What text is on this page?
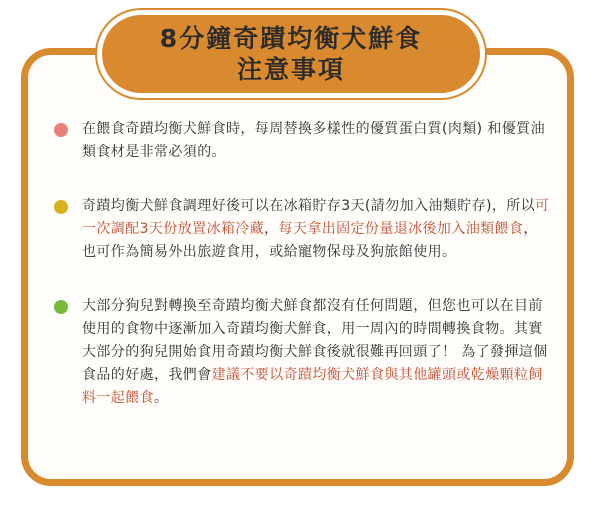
8分鐘奇蹟均衡犬鮮食
注意事項
在餵食奇蹟均衡犬鮮食時，每周替換多樣性的優質蛋白質(肉類) 和優質油類食材是非常必須的。
奇蹟均衡犬鮮食調理好後可以在冰箱貯存3天(請勿加入油類貯存)，所以可一次調配3天份放置冰箱冷藏，每天拿出固定份量退冰後加入油類餵食，也可作為簡易外出旅遊食用，或給寵物保母及狗旅館使用。
大部分狗兒對轉換至奇蹟均衡犬鮮食都沒有任何問題，但您也可以在目前使用的食物中逐漸加入奇蹟均衡犬鮮食，用一周內的時間轉換食物。其實大部分的狗兒開始食用奇蹟均衡犬鮮食後就很難再回頭了！ 為了發揮這個食品的好處，我們會建議不要以奇蹟均衡犬鮮食與其他罐頭或乾燥顆粒飼料一起餵食。
